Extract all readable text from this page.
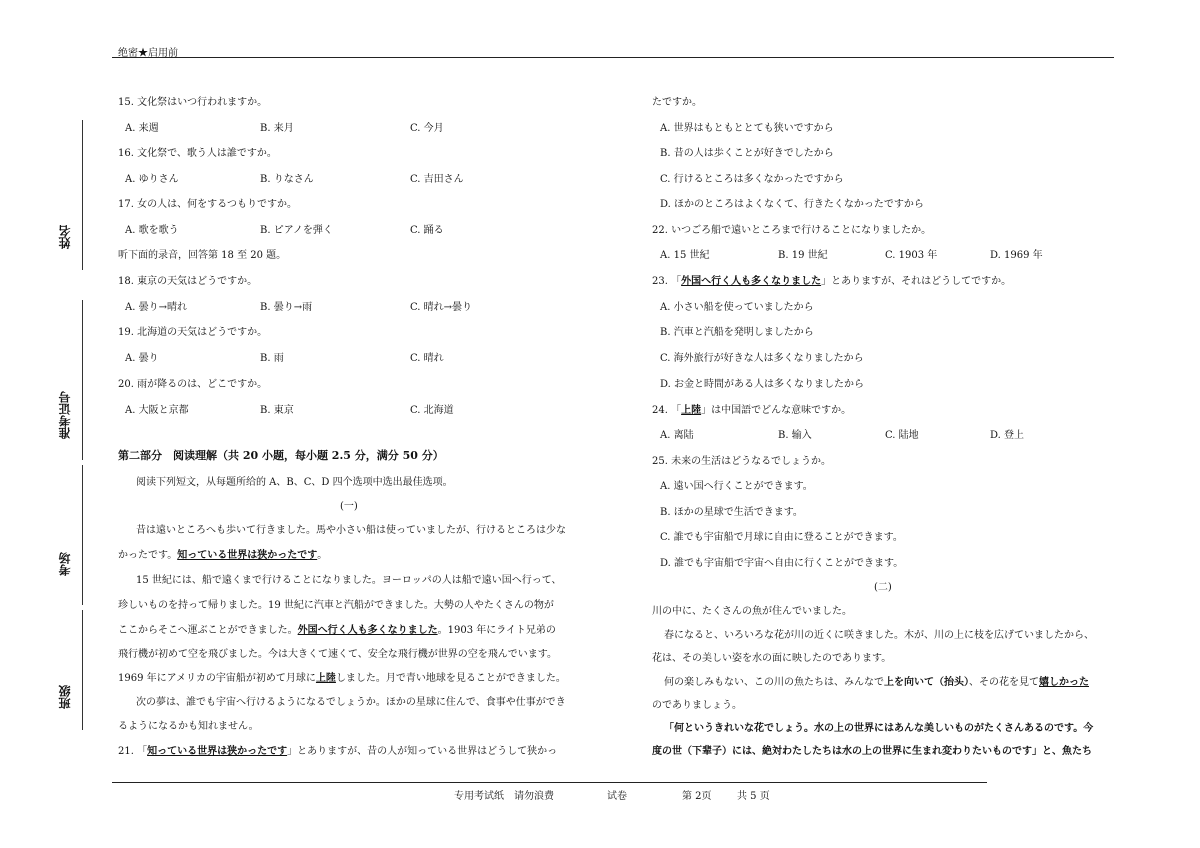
绝密★启用前
姓名
准考证号
考场
班级
15. 文化祭はいつ行われますか。
A. 来週	B. 来月	C. 今月
16. 文化祭で、歌う人は誰ですか。
A. ゆりさん	B. りなさん	C. 吉田さん
17. 女の人は、何をするつもりですか。
A. 歌を歌う	B. ピアノを弾く	C. 踊る
听下面的录音，回答第 18 至 20 题。
18. 東京の天気はどうですか。
A. 曇り→晴れ	B. 曇り→雨	C. 晴れ→曇り
19. 北海道の天気はどうですか。
A. 曇り	B. 雨	C. 晴れ
20. 雨が降るのは、どこですか。
A. 大阪と京都	B. 東京	C. 北海道
第二部分　阅读理解（共 20 小题，每小题 2.5 分，满分 50 分）
阅读下列短文，从每题所给的 A、B、C、D 四个选项中选出最佳选项。
(一)
昔は遠いところへも歩いて行きました。馬や小さい船は使っていましたが、行けるところは少な
かったです。知っている世界は狭かったです。
15 世紀には、船で遠くまで行けることになりました。ヨーロッパの人は船で遠い国へ行って、
珍しいものを持って帰りました。19 世紀に汽車と汽船ができました。大勢の人やたくさんの物が
ここからそこへ運ぶことができました。外国へ行く人も多くなりました。1903 年にライト兄弟の
飛行機が初めて空を飛びました。今は大きくて速くて、安全な飛行機が世界の空を飛んでいます。
1969 年にアメリカの宇宙船が初めて月球に上陸しました。月で青い地球を見ることができました。
次の夢は、誰でも宇宙へ行けるようになるでしょうか。ほかの星球に住んで、食事や仕事ができ
るようになるかも知れません。
21. 「知っている世界は狭かったです」とありますが、昔の人が知っている世界はどうして狭かっ
たですか。
A. 世界はもともととても狭いですから
B. 昔の人は歩くことが好きでしたから
C. 行けるところは多くなかったですから
D. ほかのところはよくなくて、行きたくなかったですから
22. いつごろ船で遠いところまで行けることになりましたか。
A. 15 世紀	B. 19 世紀	C. 1903 年	D. 1969 年
23. 「外国へ行く人も多くなりました」とありますが、それはどうしてですか。
A. 小さい船を使っていましたから
B. 汽車と汽船を発明しましたから
C. 海外旅行が好きな人は多くなりましたから
D. お金と時間がある人は多くなりましたから
24. 「上陸」は中国語でどんな意味ですか。
A. 离陆	B. 输入	C. 陆地	D. 登上
25. 未来の生活はどうなるでしょうか。
A. 遠い国へ行くことができます。
B. ほかの星球で生活できます。
C. 誰でも宇宙船で月球に自由に登ることができます。
D. 誰でも宇宙船で宇宙へ自由に行くことができます。
(二)
川の中に、たくさんの魚が住んでいました。
春になると、いろいろな花が川の近くに咲きました。木が、川の上に枝を広げていましたから、
花は、その美しい姿を水の面に映したのであります。
何の楽しみもない、この川の魚たちは、みんなで上を向いて（抬头）、その花を見て嬉しかった
のでありましょう。
「何というきれいな花でしょう。水の上の世界にはあんな美しいものがたくさんあるのです。今
度の世（下辈子）には、絶対わたしたちは水の上の世界に生まれ変わりたいものです」と、魚たち
专用考试纸　请勿浪费	试卷	第 2页	共 5 页
